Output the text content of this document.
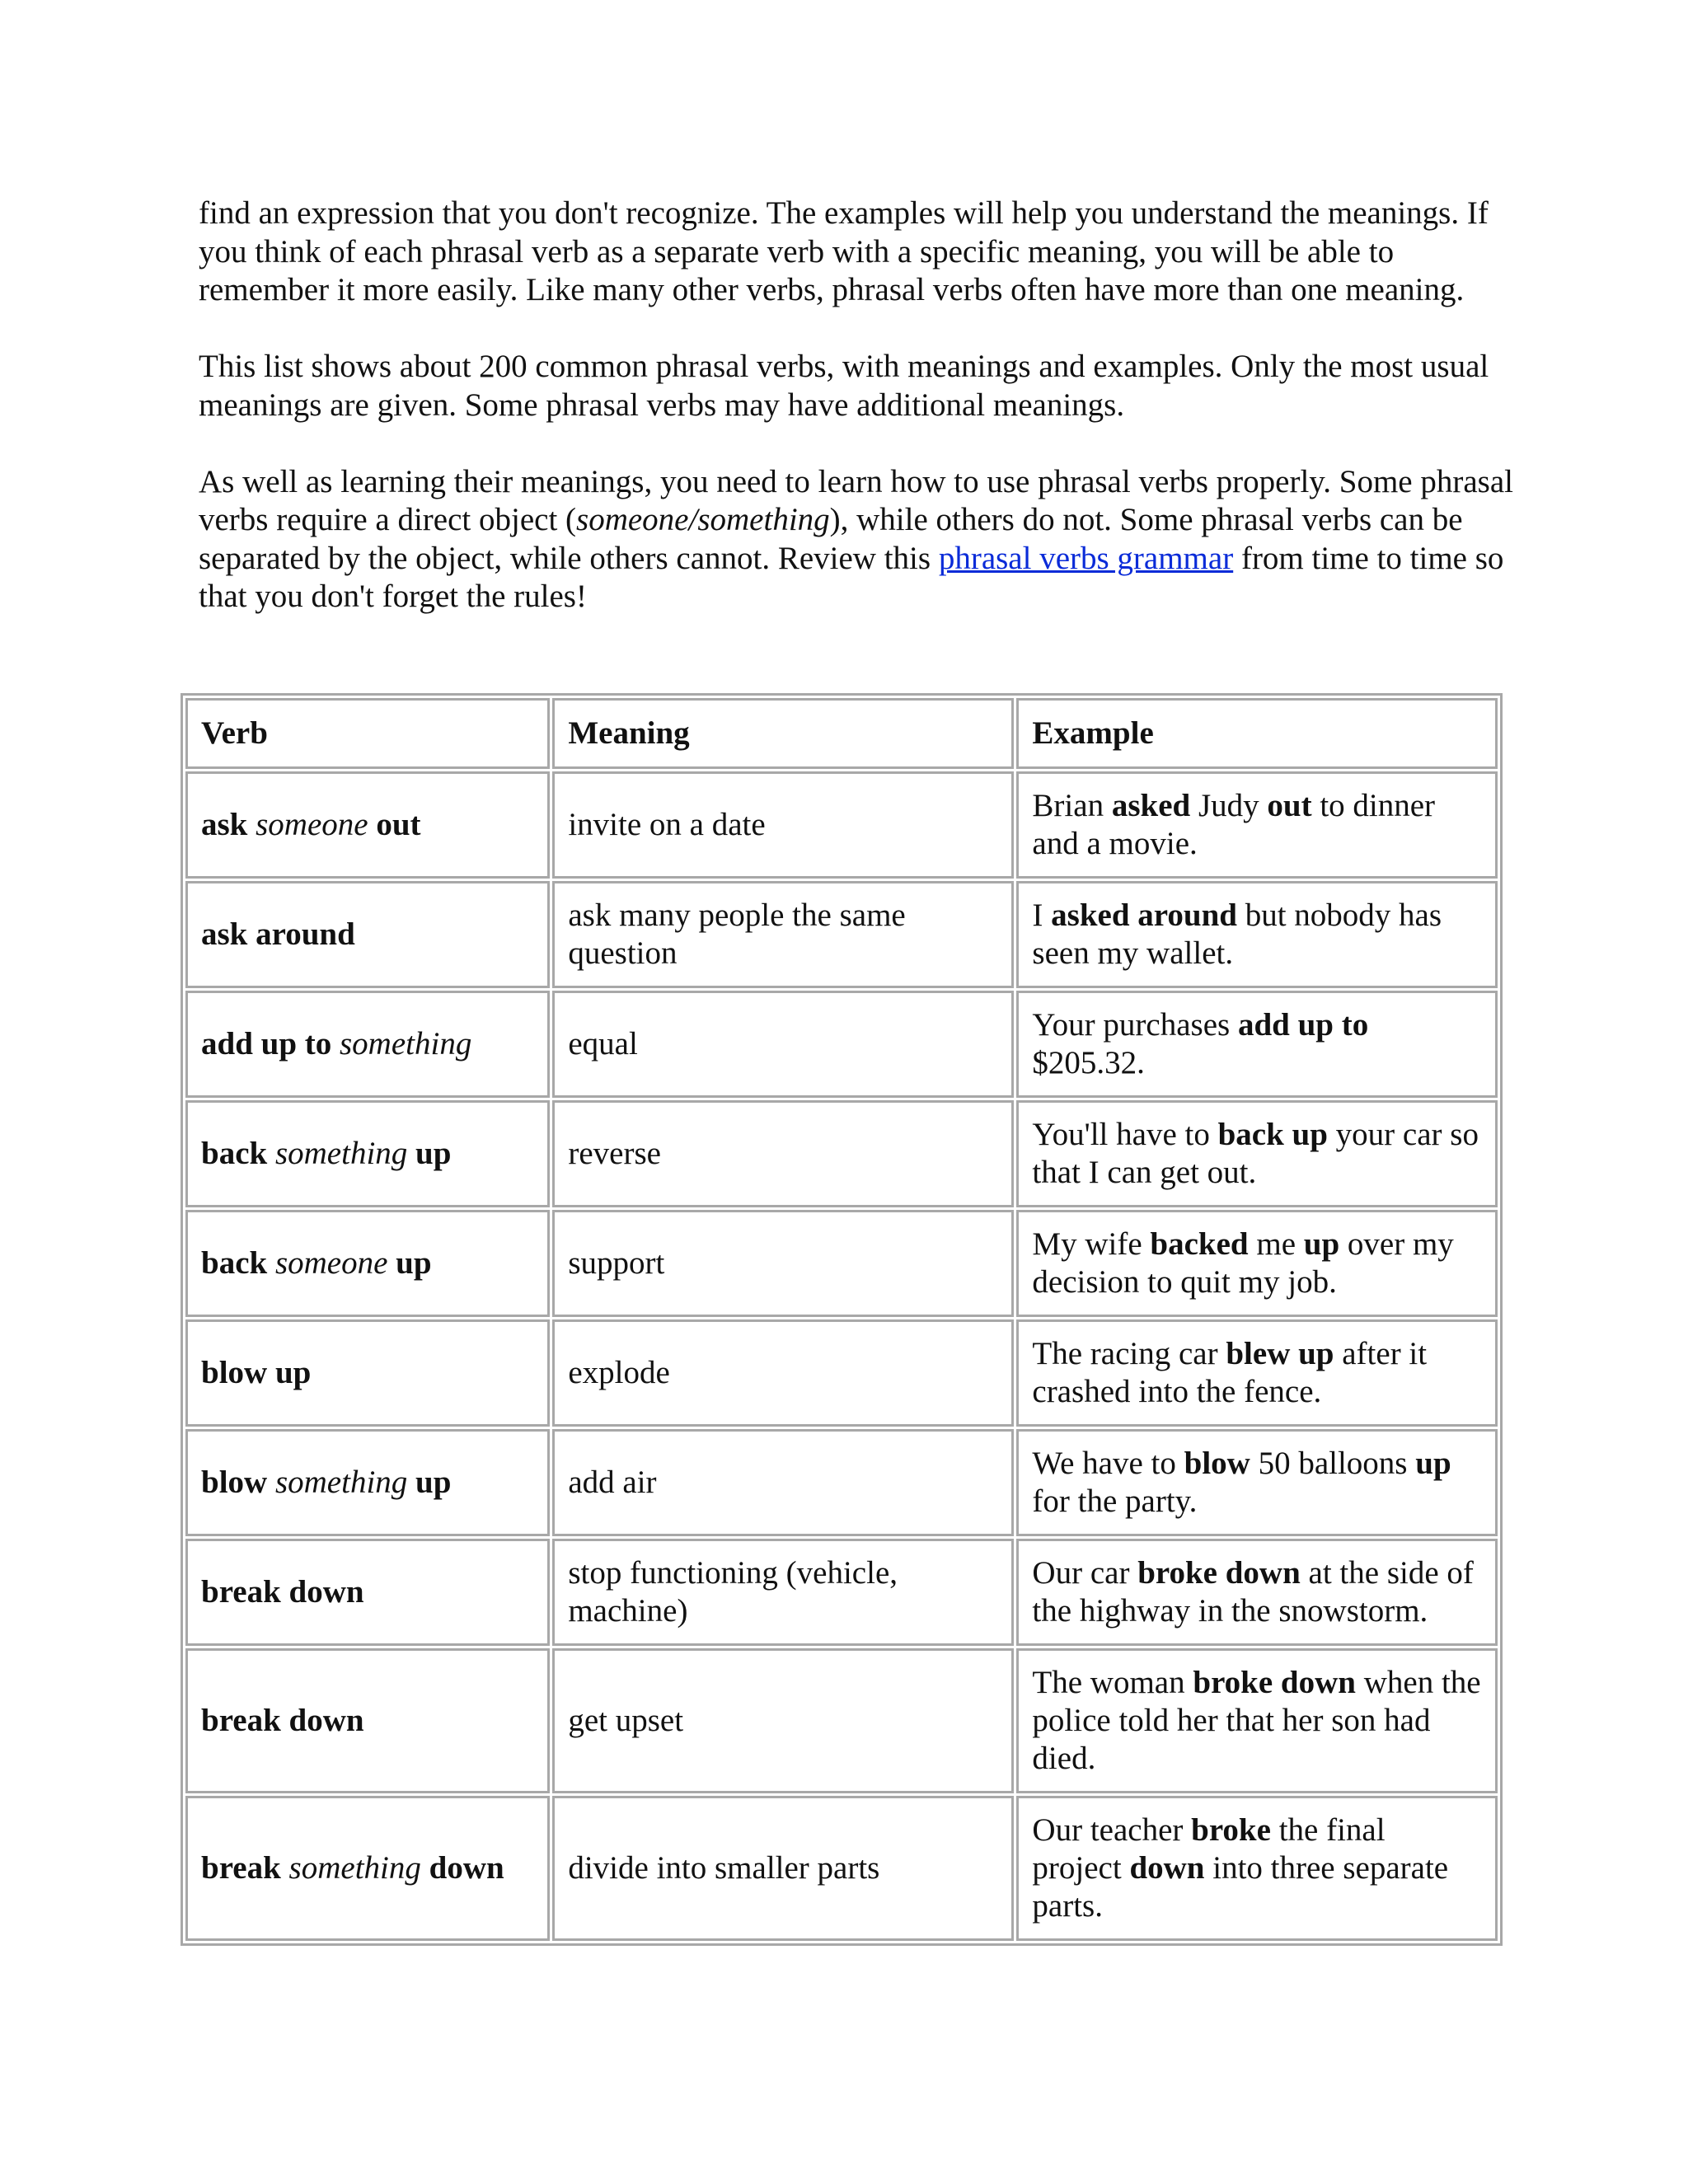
find an expression that you don't recognize. The examples will help you understand the meanings. If you think of each phrasal verb as a separate verb with a specific meaning, you will be able to remember it more easily. Like many other verbs, phrasal verbs often have more than one meaning.

This list shows about 200 common phrasal verbs, with meanings and examples. Only the most usual meanings are given. Some phrasal verbs may have additional meanings.

As well as learning their meanings, you need to learn how to use phrasal verbs properly. Some phrasal verbs require a direct object (someone/something), while others do not. Some phrasal verbs can be separated by the object, while others cannot. Review this phrasal verbs grammar from time to time so that you don't forget the rules!

Verb	Meaning	Example
ask someone out	invite on a date	Brian asked Judy out to dinner and a movie.
ask around	ask many people the same question	I asked around but nobody has seen my wallet.
add up to something	equal	Your purchases add up to $205.32.
back something up	reverse	You'll have to back up your car so that I can get out.
back someone up	support	My wife backed me up over my decision to quit my job.
blow up	explode	The racing car blew up after it crashed into the fence.
blow something up	add air	We have to blow 50 balloons up for the party.
break down	stop functioning (vehicle, machine)	Our car broke down at the side of the highway in the snowstorm.
break down	get upset	The woman broke down when the police told her that her son had died.
break something down	divide into smaller parts	Our teacher broke the final project down into three separate parts.
